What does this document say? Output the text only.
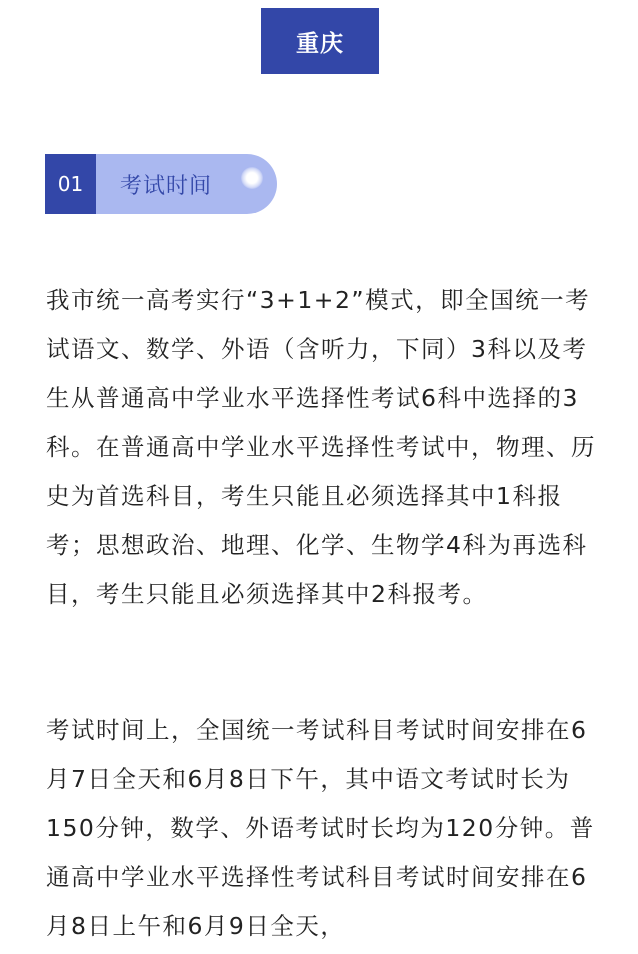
重庆
01	考试时间

我市统一高考实行“3+1+2”模式，即全国统一考试语文、数学、外语（含听力，下同）3科以及考生从普通高中学业水平选择性考试6科中选择的3科。在普通高中学业水平选择性考试中，物理、历史为首选科目，考生只能且必须选择其中1科报考；思想政治、地理、化学、生物学4科为再选科目，考生只能且必须选择其中2科报考。

考试时间上，全国统一考试科目考试时间安排在6月7日全天和6月8日下午，其中语文考试时长为150分钟，数学、外语考试时长均为120分钟。普通高中学业水平选择性考试科目考试时间安排在6月8日上午和6月9日全天，
